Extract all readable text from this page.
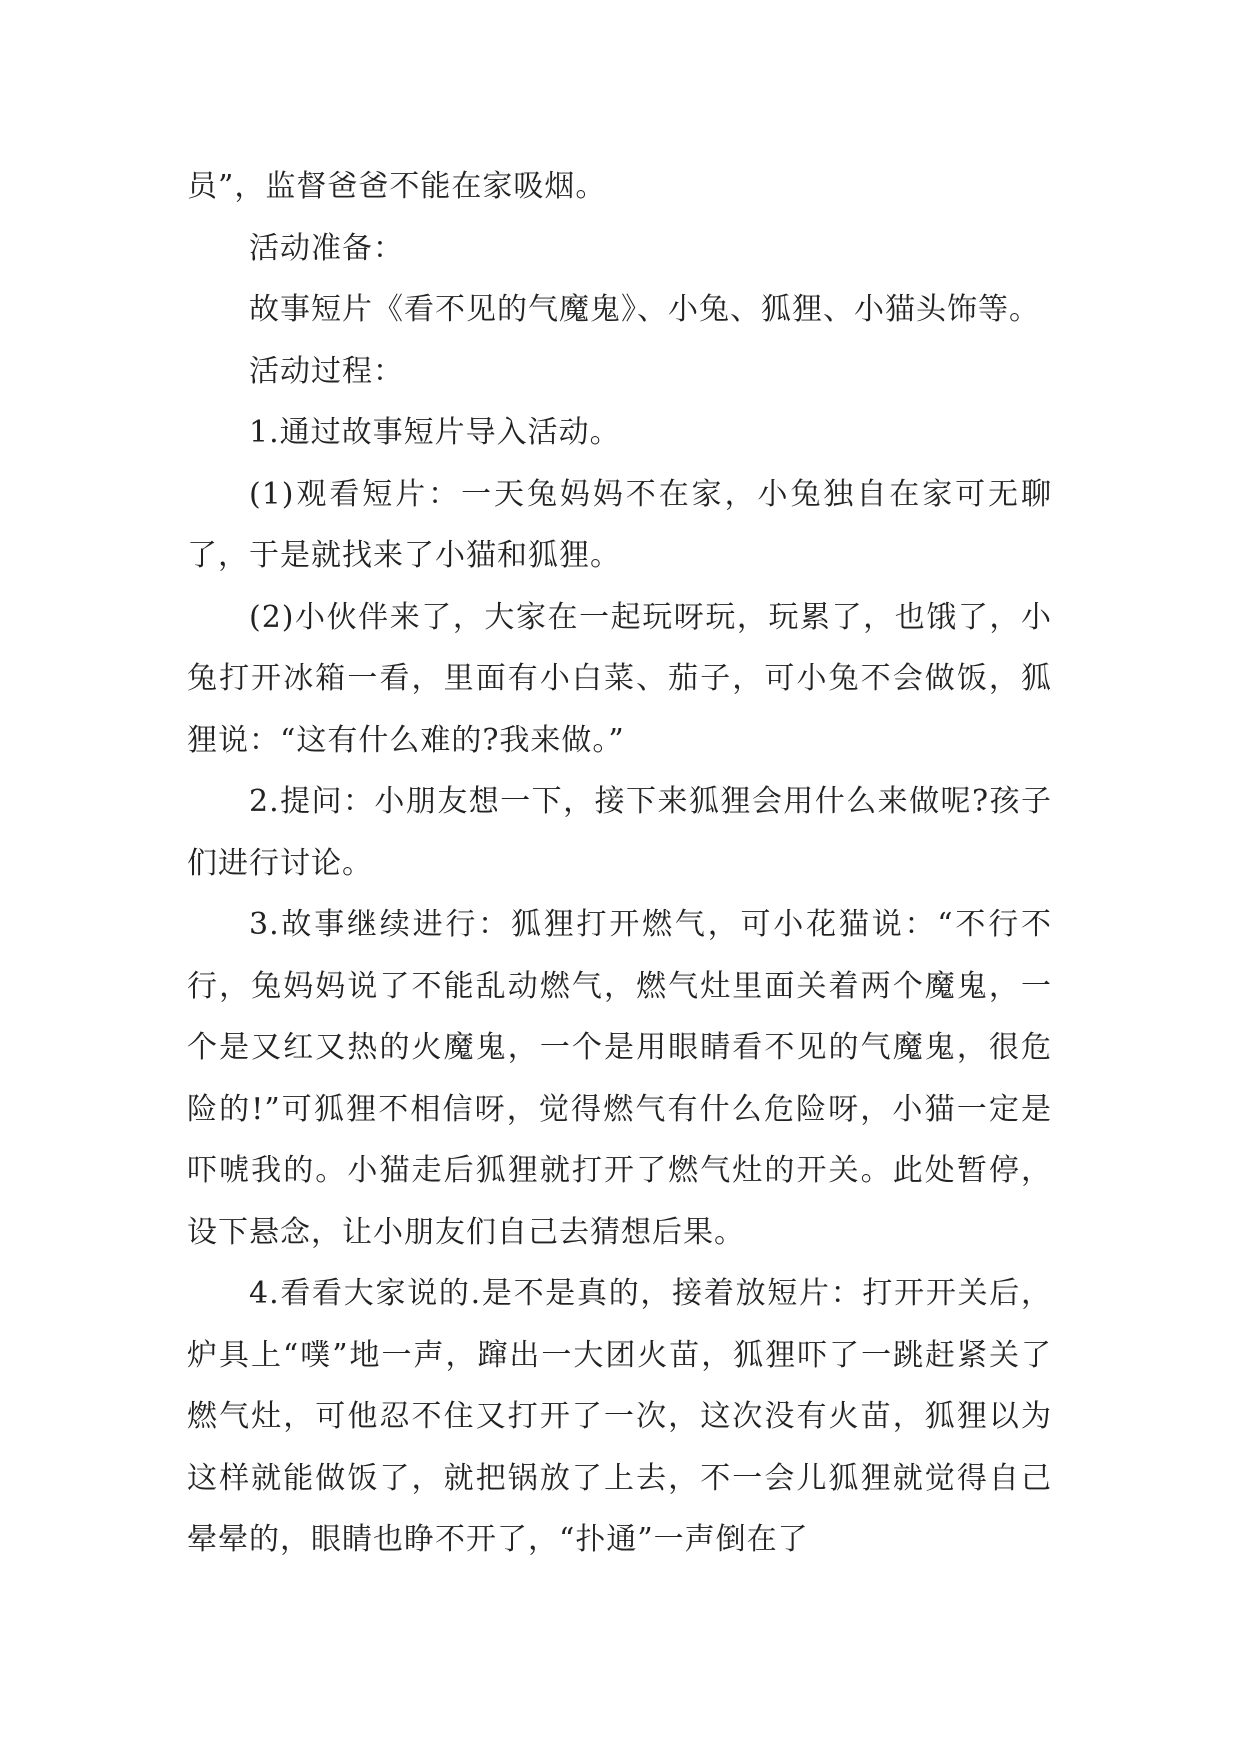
员”，监督爸爸不能在家吸烟。

活动准备：

故事短片《看不见的气魔鬼》、小兔、狐狸、小猫头饰等。

活动过程：

1.通过故事短片导入活动。

(1)观看短片：一天兔妈妈不在家，小兔独自在家可无聊了，于是就找来了小猫和狐狸。

(2)小伙伴来了，大家在一起玩呀玩，玩累了，也饿了，小兔打开冰箱一看，里面有小白菜、茄子，可小兔不会做饭，狐狸说：“这有什么难的?我来做。”

2.提问：小朋友想一下，接下来狐狸会用什么来做呢?孩子们进行讨论。

3.故事继续进行：狐狸打开燃气，可小花猫说：“不行不行，兔妈妈说了不能乱动燃气，燃气灶里面关着两个魔鬼，一个是又红又热的火魔鬼，一个是用眼睛看不见的气魔鬼，很危险的!”可狐狸不相信呀，觉得燃气有什么危险呀，小猫一定是吓唬我的。小猫走后狐狸就打开了燃气灶的开关。此处暂停，设下悬念，让小朋友们自己去猜想后果。

4.看看大家说的.是不是真的，接着放短片：打开开关后，炉具上“噗”地一声，蹿出一大团火苗，狐狸吓了一跳赶紧关了燃气灶，可他忍不住又打开了一次，这次没有火苗，狐狸以为这样就能做饭了，就把锅放了上去，不一会儿狐狸就觉得自己晕晕的，眼睛也睁不开了，“扑通”一声倒在了
